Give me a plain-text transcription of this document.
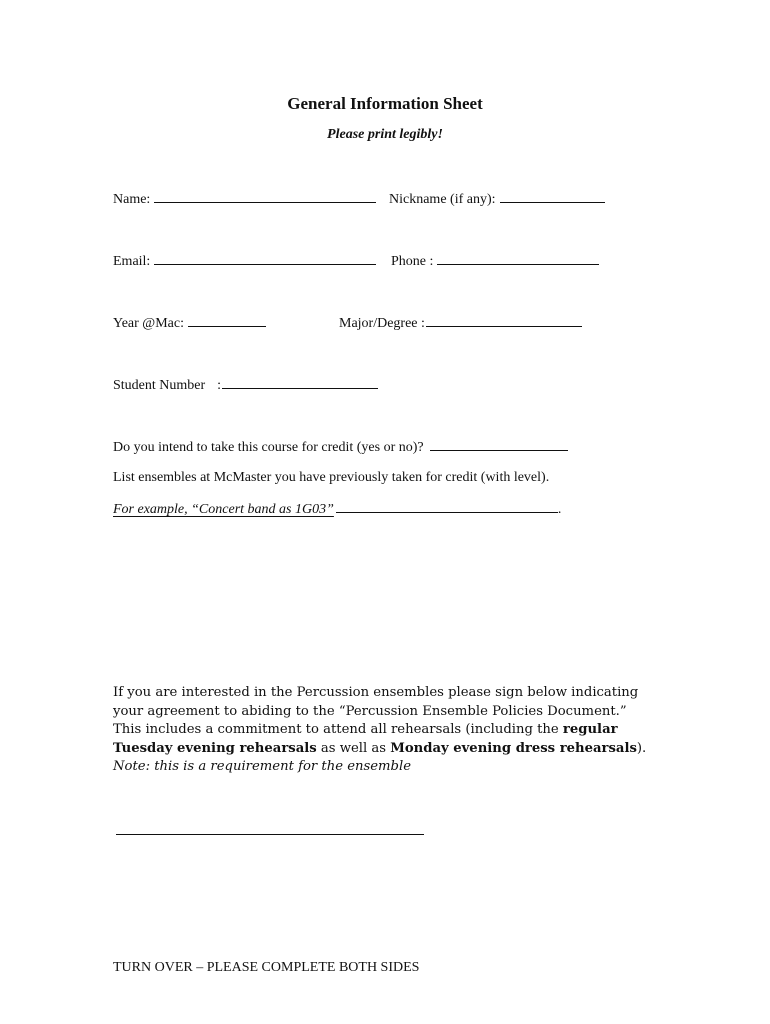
General Information Sheet
Please print legibly!
Name:	Nickname (if any):
Email:	Phone :
Year @Mac:	Major/Degree :
Student Number :
Do you intend to take this course for credit (yes or no)?
List ensembles at McMaster you have previously taken for credit (with level).
For example, “Concert band as 1G03”	.
If you are interested in the Percussion ensembles please sign below indicating your agreement to abiding to the “Percussion Ensemble Policies Document.” This includes a commitment to attend all rehearsals (including the regular Tuesday evening rehearsals as well as Monday evening dress rehearsals).
Note: this is a requirement for the ensemble
TURN OVER – PLEASE COMPLETE BOTH SIDES
